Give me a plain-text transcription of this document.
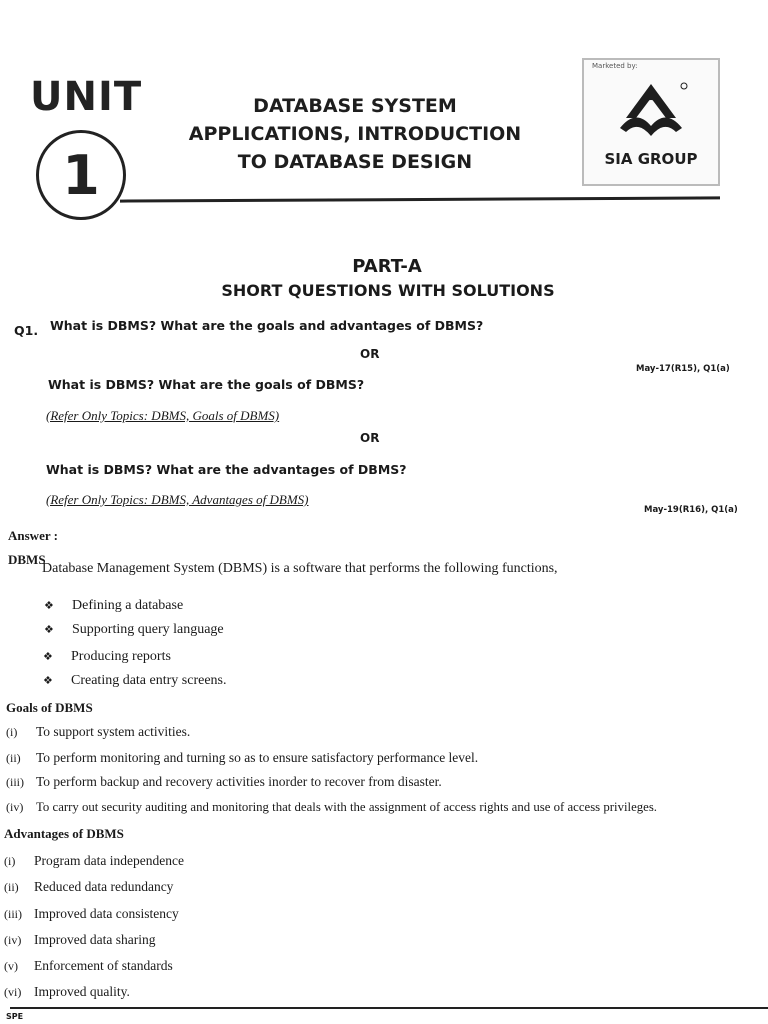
UNIT
1
DATABASE SYSTEM
APPLICATIONS, INTRODUCTION
TO DATABASE DESIGN
Marketed by:
SIA GROUP
PART-A
SHORT QUESTIONS WITH SOLUTIONS
Q1. What is DBMS? What are the goals and advantages of DBMS?
OR
May-17(R15), Q1(a)
What is DBMS? What are the goals of DBMS?
(Refer Only Topics: DBMS, Goals of DBMS)
OR
What is DBMS? What are the advantages of DBMS?
(Refer Only Topics: DBMS, Advantages of DBMS)
May-19(R16), Q1(a)
Answer :
DBMS
Database Management System (DBMS) is a software that performs the following functions,
❖ Defining a database
❖ Supporting query language
❖ Producing reports
❖ Creating data entry screens.
Goals of DBMS
(i) To support system activities.
(ii) To perform monitoring and turning so as to ensure satisfactory performance level.
(iii) To perform backup and recovery activities inorder to recover from disaster.
(iv) To carry out security auditing and monitoring that deals with the assignment of access rights and use of access privileges.
Advantages of DBMS
(i) Program data independence
(ii) Reduced data redundancy
(iii) Improved data consistency
(iv) Improved data sharing
(v) Enforcement of standards
(vi) Improved quality.
SPE
